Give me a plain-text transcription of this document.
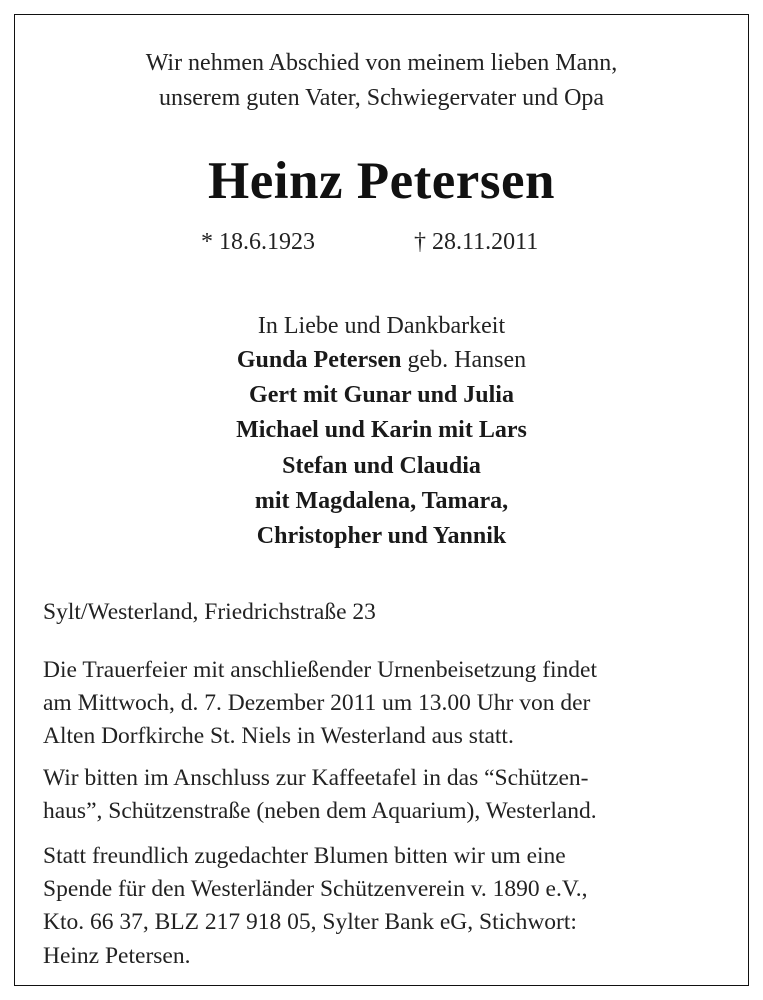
Wir nehmen Abschied von meinem lieben Mann,
unserem guten Vater, Schwiegervater und Opa
Heinz Petersen
* 18.6.1923	† 28.11.2011
In Liebe und Dankbarkeit
Gunda Petersen geb. Hansen
Gert mit Gunar und Julia
Michael und Karin mit Lars
Stefan und Claudia
mit Magdalena, Tamara,
Christopher und Yannik
Sylt/Westerland, Friedrichstraße 23
Die Trauerfeier mit anschließender Urnenbeisetzung findet
am Mittwoch, d. 7. Dezember 2011 um 13.00 Uhr von der
Alten Dorfkirche St. Niels in Westerland aus statt.
Wir bitten im Anschluss zur Kaffeetafel in das “Schützen-
haus”, Schützenstraße (neben dem Aquarium), Westerland.
Statt freundlich zugedachter Blumen bitten wir um eine
Spende für den Westerländer Schützenverein v. 1890 e.V.,
Kto. 66 37, BLZ 217 918 05, Sylter Bank eG, Stichwort:
Heinz Petersen.
